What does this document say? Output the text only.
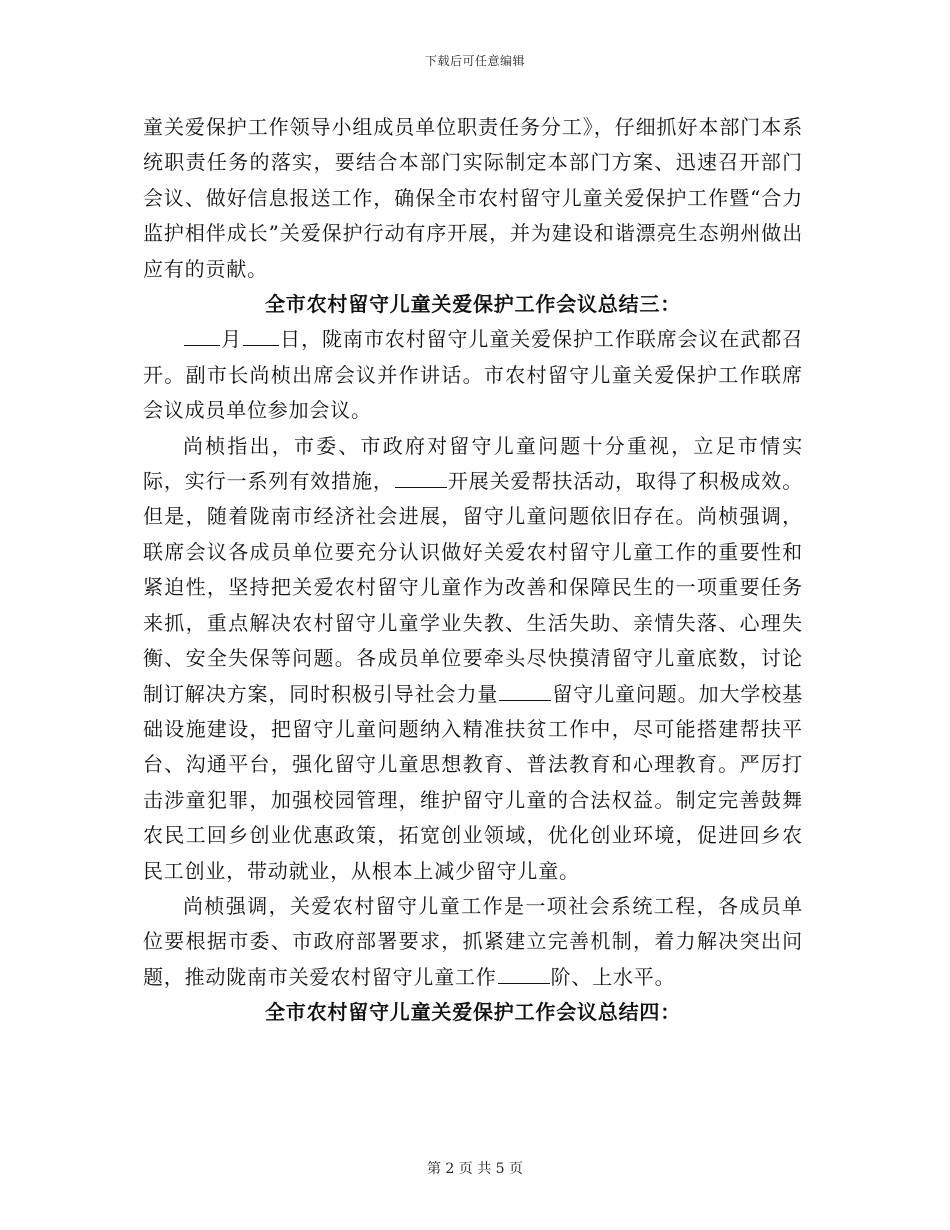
下载后可任意编辑

童关爱保护工作领导小组成员单位职责任务分工》，仔细抓好本部门本系统职责任务的落实，要结合本部门实际制定本部门方案、迅速召开部门会议、做好信息报送工作，确保全市农村留守儿童关爱保护工作暨“合力监护相伴成长”关爱保护行动有序开展，并为建设和谐漂亮生态朔州做出应有的贡献。

全市农村留守儿童关爱保护工作会议总结三：

月 日，陇南市农村留守儿童关爱保护工作联席会议在武都召开。副市长尚桢出席会议并作讲话。市农村留守儿童关爱保护工作联席会议成员单位参加会议。

尚桢指出，市委、市政府对留守儿童问题十分重视，立足市情实际，实行一系列有效措施，	开展关爱帮扶活动，取得了积极成效。但是，随着陇南市经济社会进展，留守儿童问题依旧存在。尚桢强调，联席会议各成员单位要充分认识做好关爱农村留守儿童工作的重要性和紧迫性，坚持把关爱农村留守儿童作为改善和保障民生的一项重要任务来抓，重点解决农村留守儿童学业失教、生活失助、亲情失落、心理失衡、安全失保等问题。各成员单位要牵头尽快摸清留守儿童底数，讨论制订解决方案，同时积极引导社会力量	留守儿童问题。加大学校基础设施建设，把留守儿童问题纳入精准扶贫工作中，尽可能搭建帮扶平台、沟通平台，强化留守儿童思想教育、普法教育和心理教育。严厉打击涉童犯罪，加强校园管理，维护留守儿童的合法权益。制定完善鼓舞农民工回乡创业优惠政策，拓宽创业领域，优化创业环境，促进回乡农民工创业，带动就业，从根本上减少留守儿童。

尚桢强调，关爱农村留守儿童工作是一项社会系统工程，各成员单位要根据市委、市政府部署要求，抓紧建立完善机制，着力解决突出问题，推动陇南市关爱农村留守儿童工作	阶、上水平。

全市农村留守儿童关爱保护工作会议总结四：

第 2 页 共 5 页
